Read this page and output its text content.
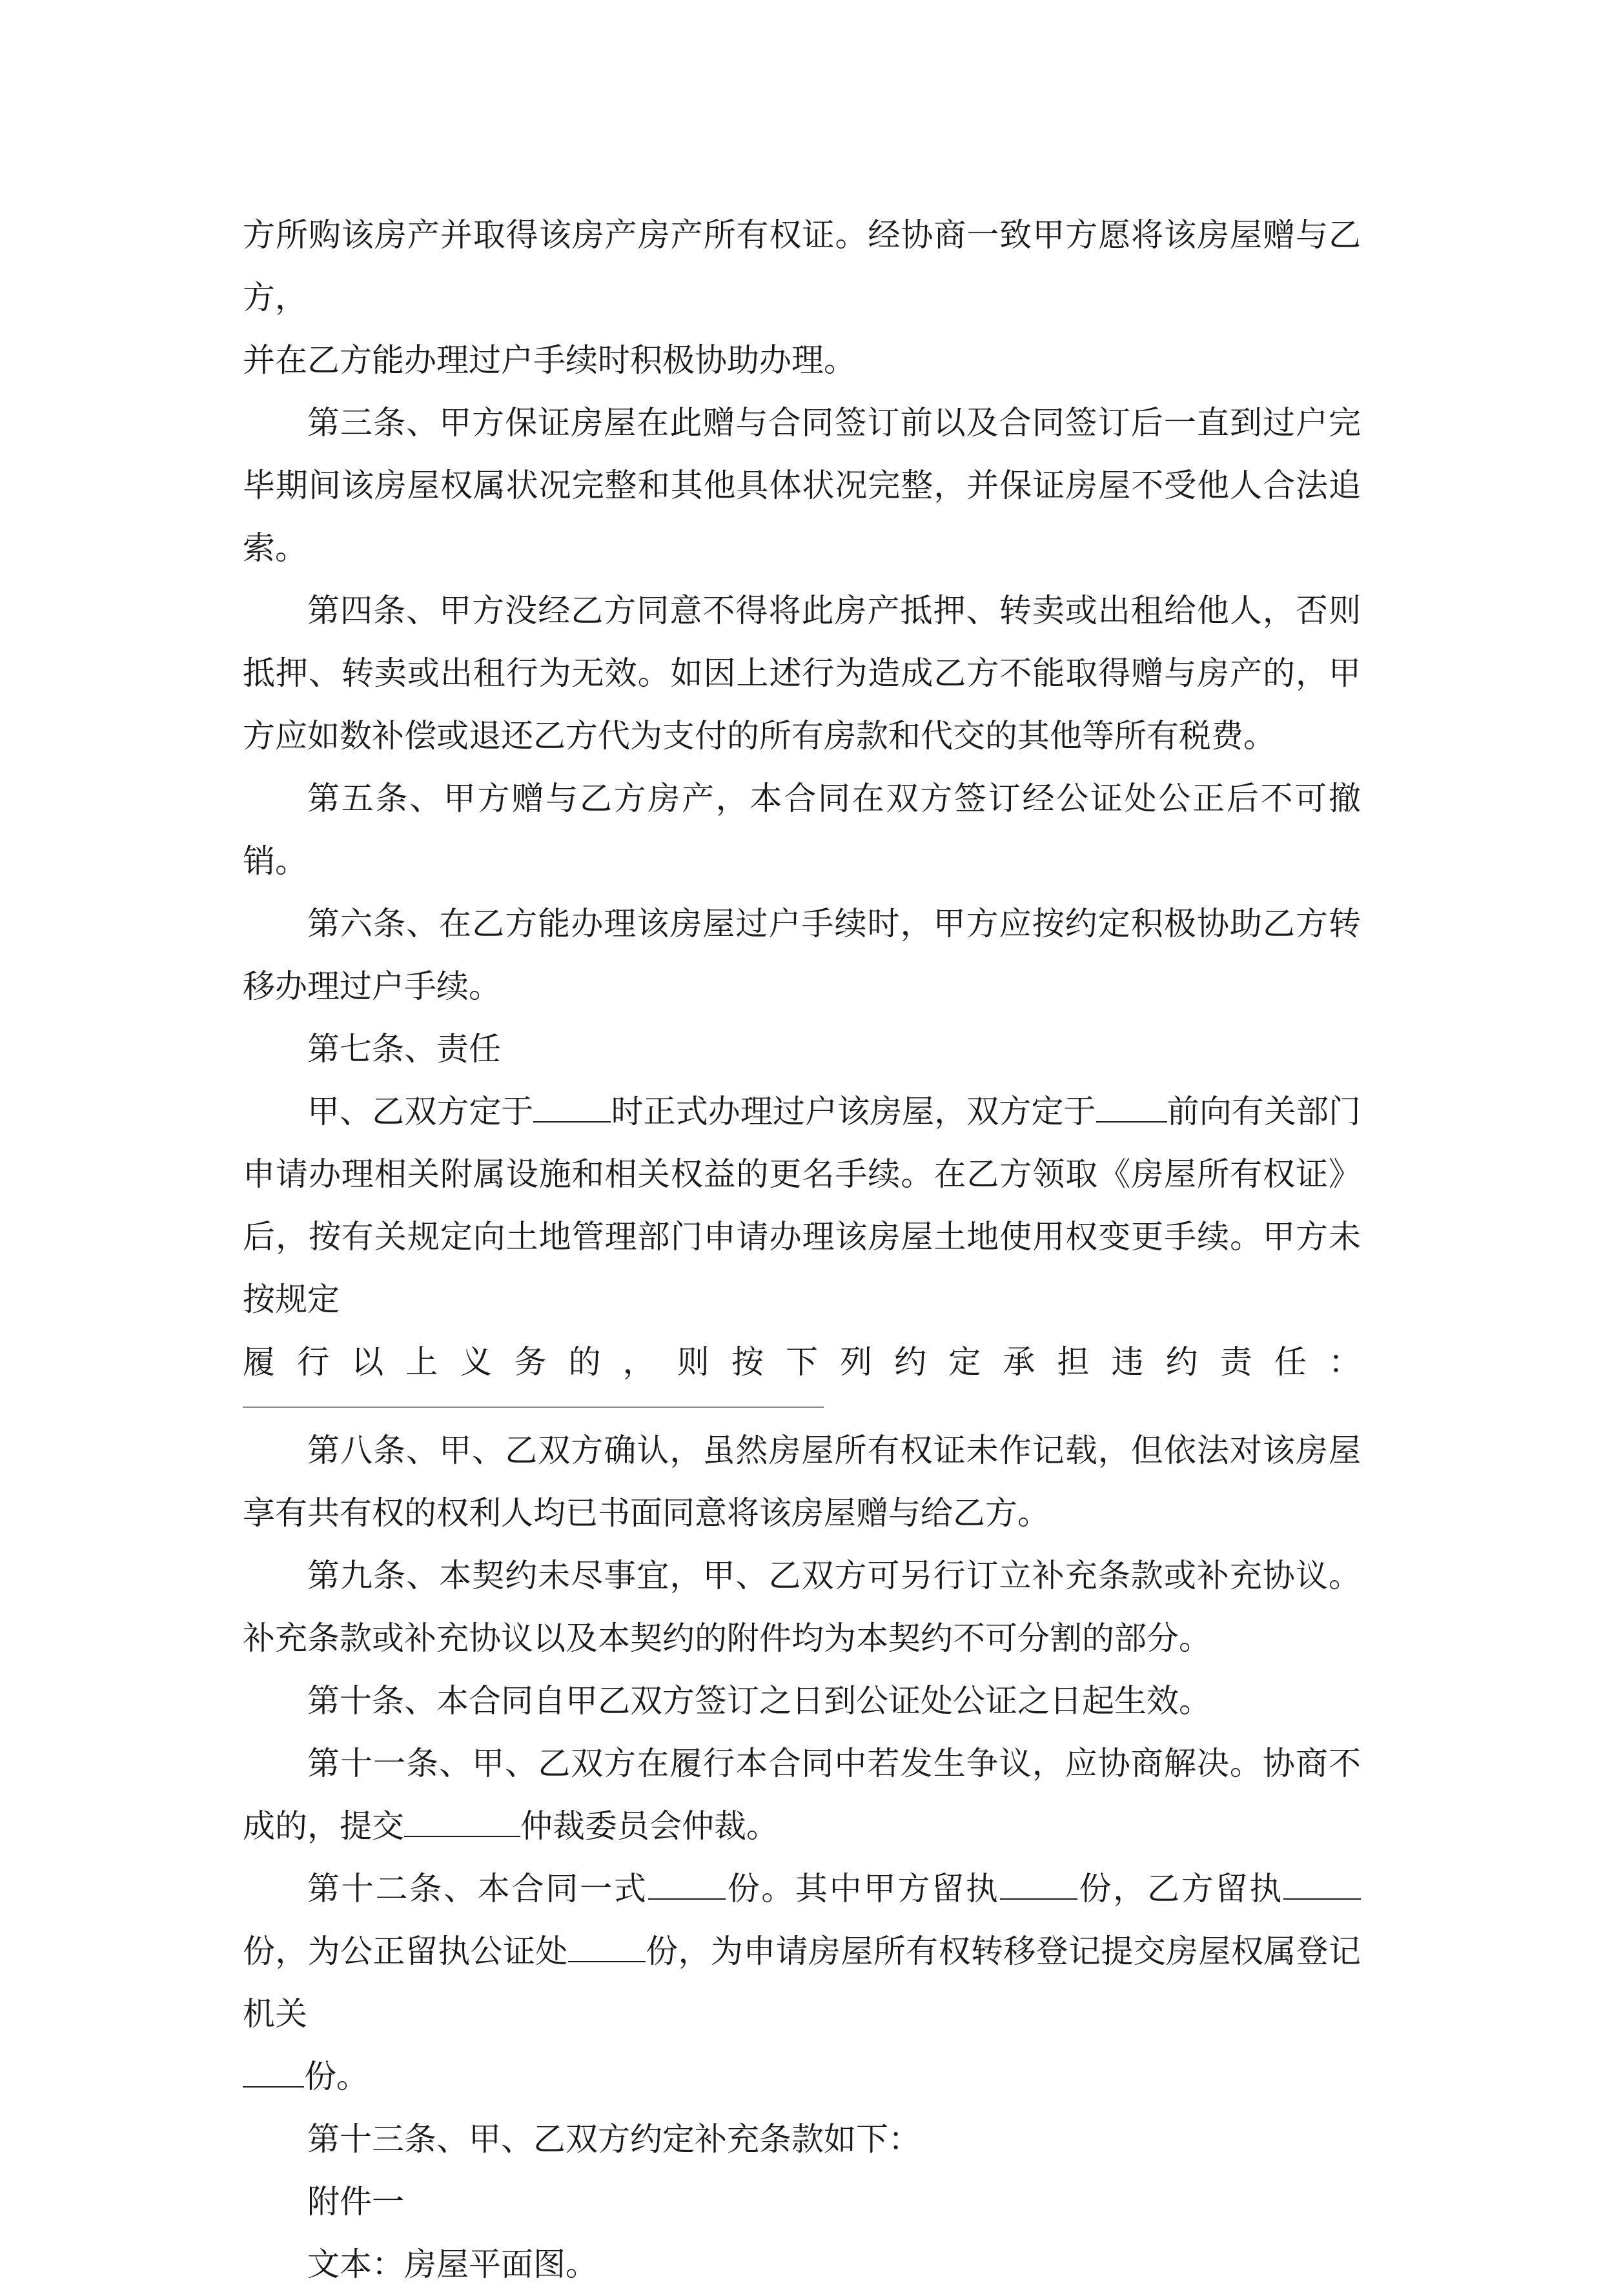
方所购该房产并取得该房产房产所有权证。经协商一致甲方愿将该房屋赠与乙方，
并在乙方能办理过户手续时积极协助办理。

第三条、甲方保证房屋在此赠与合同签订前以及合同签订后一直到过户完毕期间该房屋权属状况完整和其他具体状况完整，并保证房屋不受他人合法追索。

第四条、甲方没经乙方同意不得将此房产抵押、转卖或出租给他人，否则抵押、转卖或出租行为无效。如因上述行为造成乙方不能取得赠与房产的，甲方应如数补偿或退还乙方代为支付的所有房款和代交的其他等所有税费。

第五条、甲方赠与乙方房产，本合同在双方签订经公证处公正后不可撤销。

第六条、在乙方能办理该房屋过户手续时，甲方应按约定积极协助乙方转移办理过户手续。

第七条、责任

甲、乙双方定于 时正式办理过户该房屋，双方定于 前向有关部门申请办理相关附属设施和相关权益的更名手续。在乙方领取《房屋所有权证》后，按有关规定向土地管理部门申请办理该房屋土地使用权变更手续。甲方未按规定

履 行 以 上 义 务 的 ， 则 按 下 列 约 定 承 担 违 约 责 任 ：

第八条、甲、乙双方确认，虽然房屋所有权证未作记载，但依法对该房屋享有共有权的权利人均已书面同意将该房屋赠与给乙方。

第九条、本契约未尽事宜，甲、乙双方可另行订立补充条款或补充协议。补充条款或补充协议以及本契约的附件均为本契约不可分割的部分。

第十条、本合同自甲乙双方签订之日到公证处公证之日起生效。

第十一条、甲、乙双方在履行本合同中若发生争议，应协商解决。协商不成的，提交	仲裁委员会仲裁。

第十二条、本合同一式 份。其中甲方留执 份，乙方留执份，为公正留执公证处 份，为申请房屋所有权转移登记提交房屋权属登记机关
份。

第十三条、甲、乙双方约定补充条款如下：

附件一

文本：房屋平面图。
